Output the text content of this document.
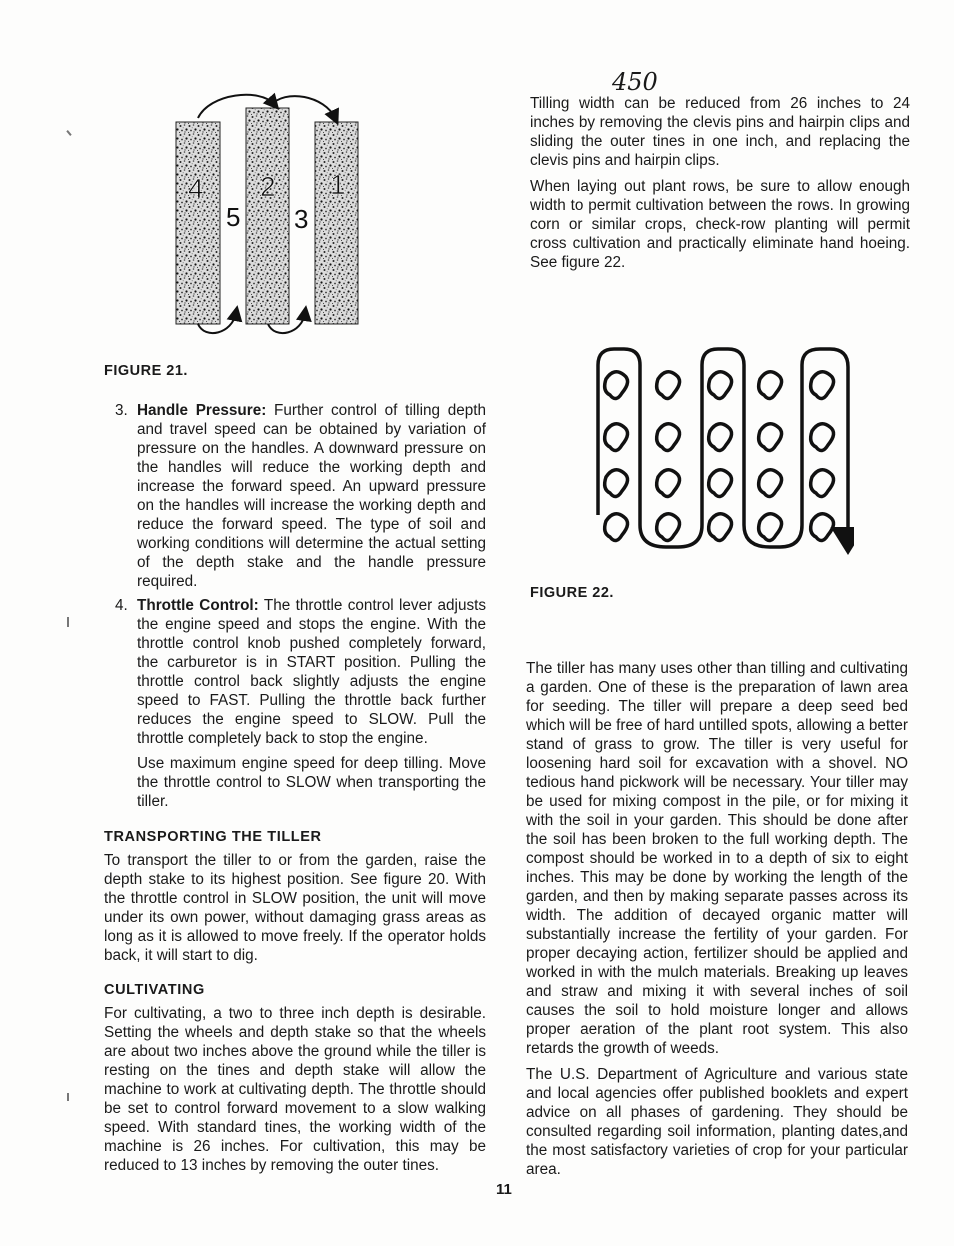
450
4
5
2
3
1
FIGURE 21.
3. Handle Pressure: Further control of tilling depth and travel speed can be obtained by variation of pressure on the handles. A downward pressure on the handles will reduce the working depth and increase the forward speed. An upward pressure on the handles will increase the working depth and reduce the forward speed. The type of soil and working conditions will determine the actual setting of the depth stake and the handle pressure required.

4. Throttle Control: The throttle control lever adjusts the engine speed and stops the engine. With the throttle control knob pushed completely forward, the carburetor is in START position. Pulling the throttle control back slightly adjusts the engine speed to FAST. Pulling the throttle back further reduces the engine speed to SLOW. Pull the throttle completely back to stop the engine.

Use maximum engine speed for deep tilling. Move the throttle control to SLOW when transporting the tiller.

TRANSPORTING THE TILLER

To transport the tiller to or from the garden, raise the depth stake to its highest position. See figure 20. With the throttle control in SLOW position, the unit will move under its own power, without damaging grass areas as long as it is allowed to move freely. If the operator holds back, it will start to dig.

CULTIVATING

For cultivating, a two to three inch depth is desirable. Setting the wheels and depth stake so that the wheels are about two inches above the ground while the tiller is resting on the tines and depth stake will allow the machine to work at cultivating depth. The throttle should be set to control forward movement to a slow walking speed. With standard tines, the working width of the machine is 26 inches. For cultivation, this may be reduced to 13 inches by removing the outer tines.

Tilling width can be reduced from 26 inches to 24 inches by removing the clevis pins and hairpin clips and sliding the outer tines in one inch, and replacing the clevis pins and hairpin clips.

When laying out plant rows, be sure to allow enough width to permit cultivation between the rows. In growing corn or similar crops, check-row planting will permit cross cultivation and practically eliminate hand hoeing. See figure 22.

FIGURE 22.

The tiller has many uses other than tilling and cultivating a garden. One of these is the preparation of lawn area for seeding. The tiller will prepare a deep seed bed which will be free of hard untilled spots, allowing a better stand of grass to grow. The tiller is very useful for loosening hard soil for excavation with a shovel. NO tedious hand pickwork will be necessary. Your tiller may be used for mixing compost in the pile, or for mixing it with the soil in your garden. This should be done after the soil has been broken to the full working depth. The compost should be worked in to a depth of six to eight inches. This may be done by working the length of the garden, and then by making separate passes across its width. The addition of decayed organic matter will substantially increase the fertility of your garden. For proper decaying action, fertilizer should be applied and worked in with the mulch materials. Breaking up leaves and straw and mixing it with several inches of soil causes the soil to hold moisture longer and allows proper aeration of the plant root system. This also retards the growth of weeds.

The U.S. Department of Agriculture and various state and local agencies offer published booklets and expert advice on all phases of gardening. They should be consulted regarding soil information, planting dates,and the most satisfactory varieties of crop for your particular area.

11
